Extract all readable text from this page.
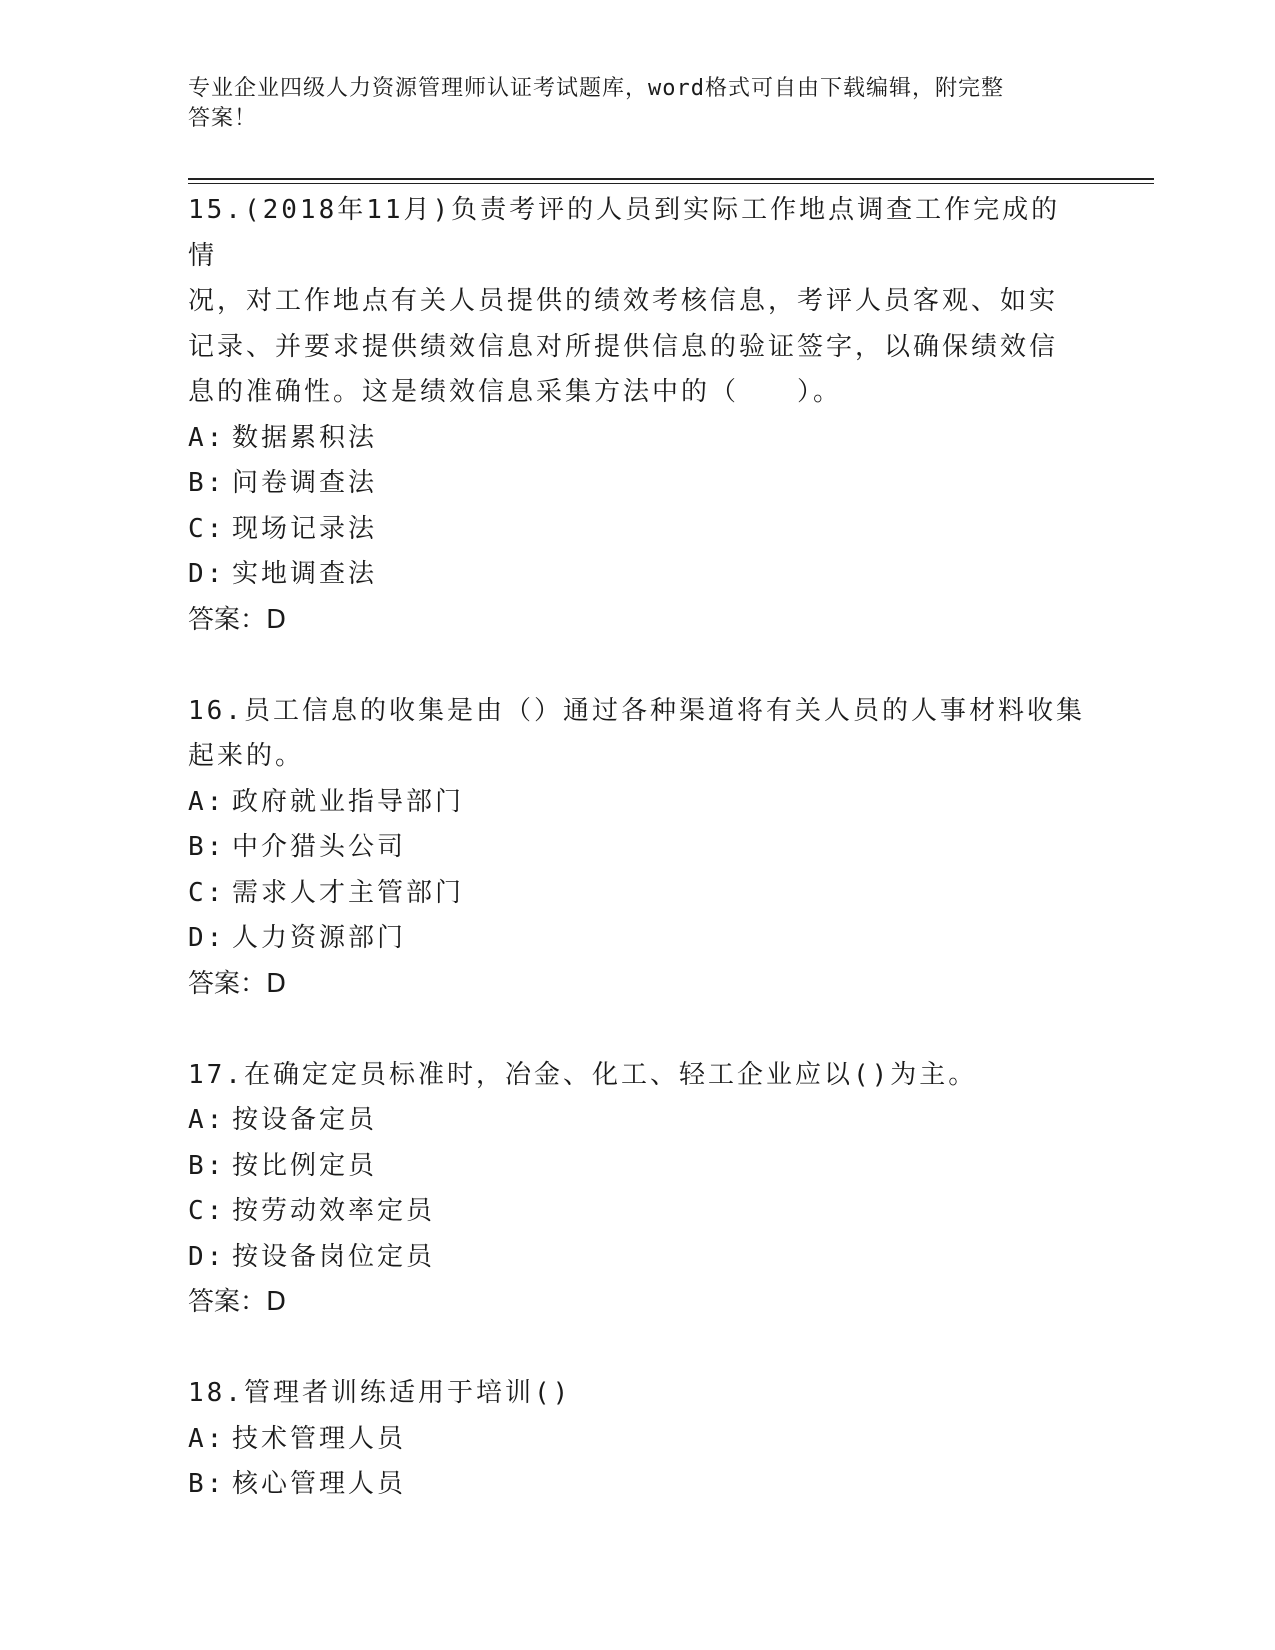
专业企业四级人力资源管理师认证考试题库，word格式可自由下载编辑，附完整
答案！

15.(2018年11月)负责考评的人员到实际工作地点调查工作完成的情

况，对工作地点有关人员提供的绩效考核信息，考评人员客观、如实

记录、并要求提供绩效信息对所提供信息的验证签字，以确保绩效信

息的准确性。这是绩效信息采集方法中的（　　）。

A: 数据累积法

B: 问卷调查法

C: 现场记录法

D: 实地调查法

答案：D

16.员工信息的收集是由（）通过各种渠道将有关人员的人事材料收集

起来的。

A: 政府就业指导部门

B: 中介猎头公司

C: 需求人才主管部门

D: 人力资源部门

答案：D

17.在确定定员标准时，冶金、化工、轻工企业应以()为主。

A: 按设备定员

B: 按比例定员

C: 按劳动效率定员

D: 按设备岗位定员

答案：D

18.管理者训练适用于培训()

A: 技术管理人员

B: 核心管理人员
